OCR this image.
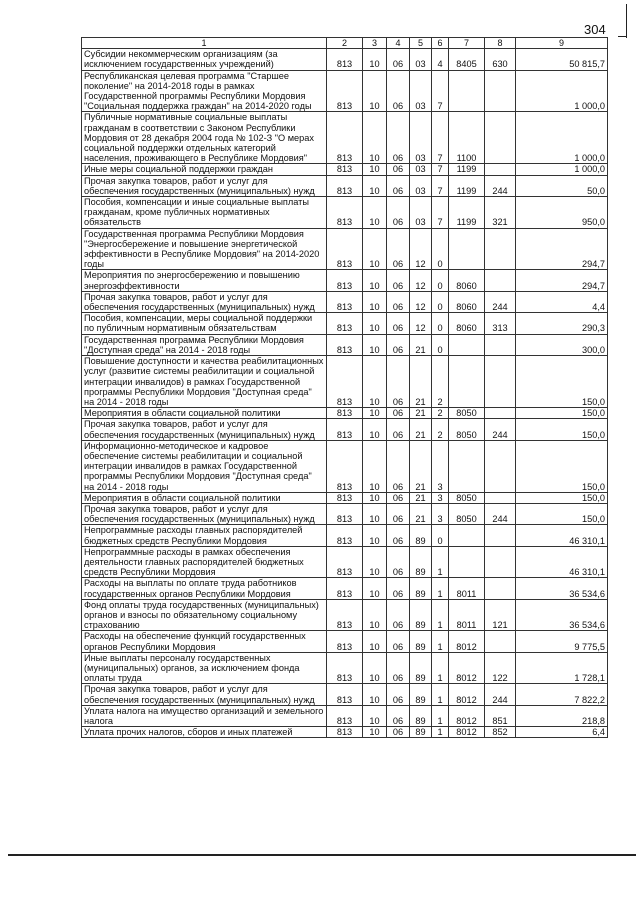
304
1	2	3	4	5	6	7	8	9
Субсидии некоммерческим организациям (за исключением государственных учреждений)	813	10	06	03	4	8405	630	50 815,7
Республиканская целевая программа "Старшее поколение" на 2014-2018 годы в рамках Государственной программы Республики Мордовия "Социальная поддержка граждан" на 2014-2020 годы	813	10	06	03	7			1 000,0
Публичные нормативные социальные выплаты гражданам в соответствии с Законом Республики Мордовия от 28 декабря 2004 года № 102-З "О мерах социальной поддержки отдельных категорий населения, проживающего в Республике Мордовия"	813	10	06	03	7	1100		1 000,0
Иные меры социальной поддержки граждан	813	10	06	03	7	1199		1 000,0
Прочая закупка товаров, работ и услуг для обеспечения государственных (муниципальных) нужд	813	10	06	03	7	1199	244	50,0
Пособия, компенсации и иные социальные выплаты гражданам, кроме публичных нормативных обязательств	813	10	06	03	7	1199	321	950,0
Государственная программа Республики Мордовия "Энергосбережение и повышение энергетической эффективности в Республике Мордовия" на 2014-2020 годы	813	10	06	12	0			294,7
Мероприятия по энергосбережению и повышению энергоэффективности	813	10	06	12	0	8060		294,7
Прочая закупка товаров, работ и услуг для обеспечения государственных (муниципальных) нужд	813	10	06	12	0	8060	244	4,4
Пособия, компенсации, меры социальной поддержки по публичным нормативным обязательствам	813	10	06	12	0	8060	313	290,3
Государственная программа Республики Мордовия "Доступная среда" на 2014 - 2018 годы	813	10	06	21	0			300,0
Повышение доступности и качества реабилитационных услуг (развитие системы реабилитации и социальной интеграции инвалидов) в рамках Государственной программы Республики Мордовия "Доступная среда" на 2014 - 2018 годы	813	10	06	21	2			150,0
Мероприятия в области социальной политики	813	10	06	21	2	8050		150,0
Прочая закупка товаров, работ и услуг для обеспечения государственных (муниципальных) нужд	813	10	06	21	2	8050	244	150,0
Информационно-методическое и кадровое обеспечение системы реабилитации и социальной интеграции инвалидов в рамках Государственной программы Республики Мордовия "Доступная среда" на 2014 - 2018 годы	813	10	06	21	3			150,0
Мероприятия в области социальной политики	813	10	06	21	3	8050		150,0
Прочая закупка товаров, работ и услуг для обеспечения государственных (муниципальных) нужд	813	10	06	21	3	8050	244	150,0
Непрограммные расходы главных распорядителей бюджетных средств Республики Мордовия	813	10	06	89	0			46 310,1
Непрограммные расходы в рамках обеспечения деятельности главных распорядителей бюджетных средств Республики Мордовия	813	10	06	89	1			46 310,1
Расходы на выплаты по оплате труда работников государственных органов Республики Мордовия	813	10	06	89	1	8011		36 534,6
Фонд оплаты труда государственных (муниципальных) органов и взносы по обязательному социальному страхованию	813	10	06	89	1	8011	121	36 534,6
Расходы на обеспечение функций государственных органов Республики Мордовия	813	10	06	89	1	8012		9 775,5
Иные выплаты персоналу государственных (муниципальных) органов, за исключением фонда оплаты труда	813	10	06	89	1	8012	122	1 728,1
Прочая закупка товаров, работ и услуг для обеспечения государственных (муниципальных) нужд	813	10	06	89	1	8012	244	7 822,2
Уплата налога на имущество организаций и земельного налога	813	10	06	89	1	8012	851	218,8
Уплата прочих налогов, сборов и иных платежей	813	10	06	89	1	8012	852	6,4
